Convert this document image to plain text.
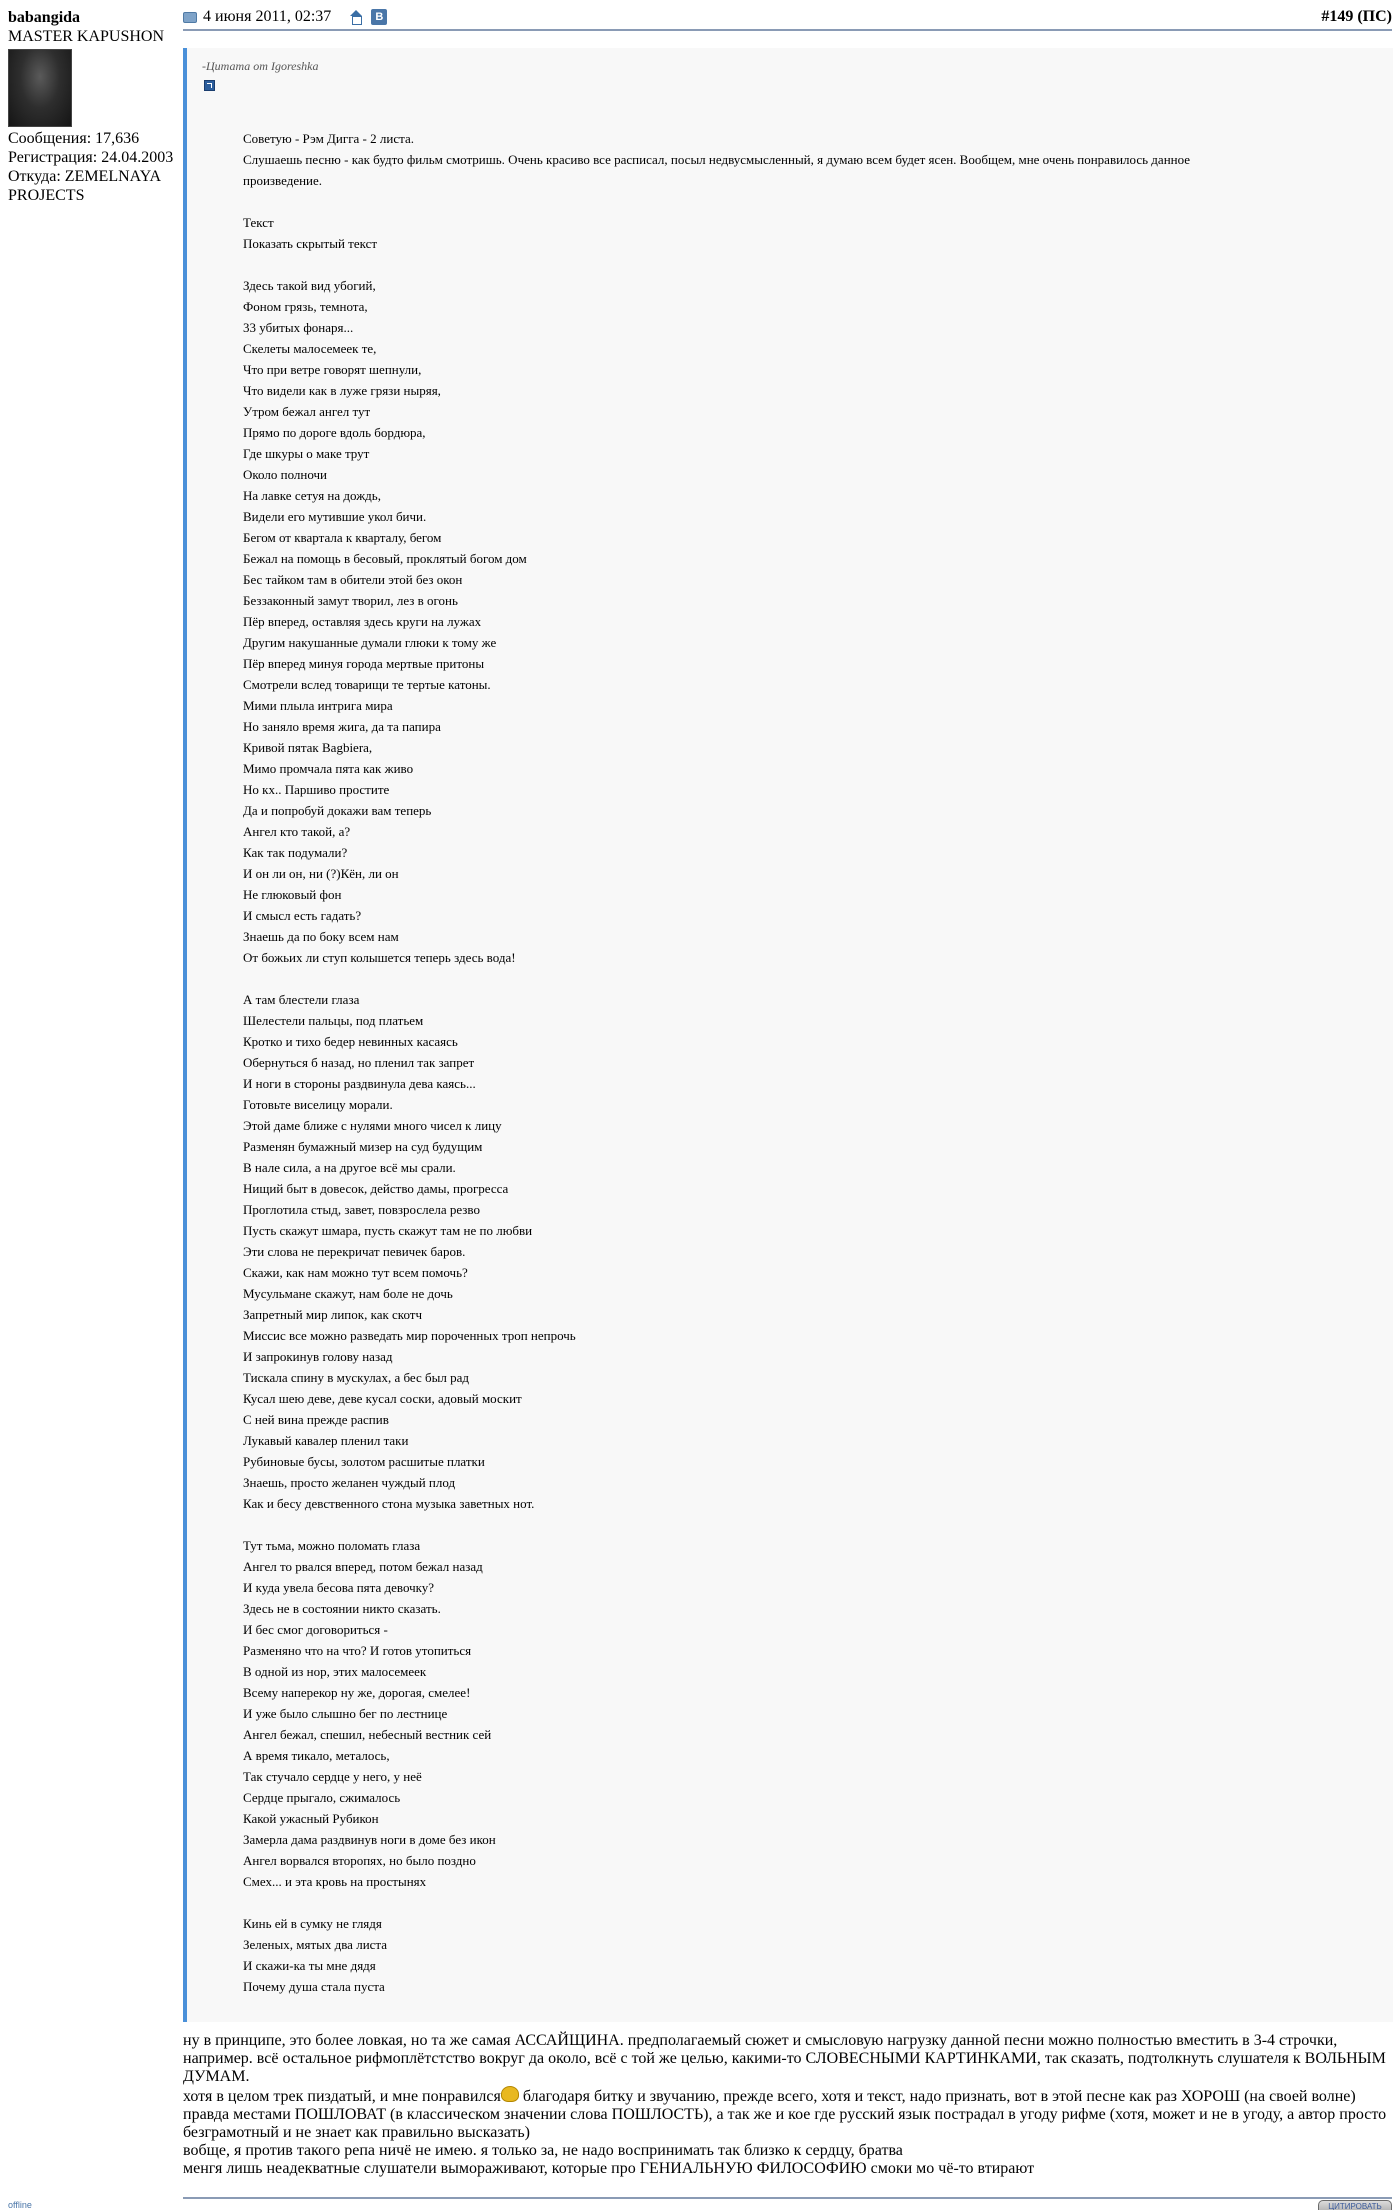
babangida
MASTER KAPUSHON
Сообщения: 17,636
Регистрация: 24.04.2003
Откуда: ZEMELNAYA PROJECTS
4 июня 2011, 02:37	В	#149 (ПС)
-Цитата от Igoreshka

Советую - Рэм Дигга - 2 листа.

Слушаешь песню - как будто фильм смотришь. Очень красиво все расписал, посыл недвусмысленный, я думаю всем будет ясен. Вообщем, мне очень понравилось данное

произведение.

Текст

Показать скрытый текст

Здесь такой вид убогий,

Фоном грязь, темнота,

33 убитых фонаря...

Скелеты малосемеек те,

Что при ветре говорят шепнули,

Что видели как в луже грязи ныряя,

Утром бежал ангел тут

Прямо по дороге вдоль бордюра,

Где шкуры о маке трут

Около полночи

На лавке сетуя на дождь,

Видели его мутившие укол бичи.

Бегом от квартала к кварталу, бегом

Бежал на помощь в бесовый, проклятый богом дом

Бес тайком там в обители этой без окон

Беззаконный замут творил, лез в огонь

Пёр вперед, оставляя здесь круги на лужах

Другим накушанные думали глюки к тому же

Пёр вперед минуя города мертвые притоны

Смотрели вслед товарищи те тертые катоны.

Мими плыла интрига мира

Но заняло время жига, да та папира

Кривой пятак Bagbiera,

Мимо промчала пята как живо

Но кх.. Паршиво простите

Да и попробуй докажи вам теперь

Ангел кто такой, а?

Как так подумали?

И он ли он, ни (?)Кён, ли он

Не глюковый фон

И смысл есть гадать?

Знаешь да по боку всем нам

От божьих ли ступ колышется теперь здесь вода!

А там блестели глаза

Шелестели пальцы, под платьем

Кротко и тихо бедер невинных касаясь

Обернуться б назад, но пленил так запрет

И ноги в стороны раздвинула дева каясь...

Готовьте виселицу морали.

Этой даме ближе с нулями много чисел к лицу

Разменян бумажный мизер на суд будущим

В нале сила, а на другое всё мы срали.

Нищий быт в довесок, действо дамы, прогресса

Проглотила стыд, завет, повзрослела резво

Пусть скажут шмара, пусть скажут там не по любви

Эти слова не перекричат певичек баров.

Скажи, как нам можно тут всем помочь?

Мусульмане скажут, нам боле не дочь

Запретный мир липок, как скотч

Миссис все можно разведать мир пороченных троп непрочь

И запрокинув голову назад

Тискала спину в мускулах, а бес был рад

Кусал шею деве, деве кусал соски, адовый москит

С ней вина прежде распив

Лукавый кавалер пленил таки

Рубиновые бусы, золотом расшитые платки

Знаешь, просто желанен чуждый плод

Как и бесу девственного стона музыка заветных нот.

Тут тьма, можно поломать глаза

Ангел то рвался вперед, потом бежал назад

И куда увела бесова пята девочку?

Здесь не в состоянии никто сказать.

И бес смог договориться -

Разменяно что на что? И готов утопиться

В одной из нор, этих малосемеек

Всему наперекор ну же, дорогая, смелее!

И уже было слышно бег по лестнице

Ангел бежал, спешил, небесный вестник сей

А время тикало, металось,

Так стучало сердце у него, у неё

Сердце прыгало, сжималось

Какой ужасный Рубикон

Замерла дама раздвинув ноги в доме без икон

Ангел ворвался второпях, но было поздно

Смех... и эта кровь на простынях

Кинь ей в сумку не глядя

Зеленых, мятых два листа

И скажи-ка ты мне дядя

Почему душа стала пуста

ну в принципе, это более ловкая, но та же самая АССАЙЩИНА. предполагаемый сюжет и смысловую нагрузку данной песни можно полностью вместить в 3-4 строчки, например. всё остальное рифмоплётстство вокруг да около, всё с той же целью, какими-то СЛОВЕСНЫМИ КАРТИНКАМИ, так сказать, подтолкнуть слушателя к ВОЛЬНЫМ ДУМАМ.

хотя в целом трек пиздатый, и мне понравился благодаря битку и звучанию, прежде всего, хотя и текст, надо признать, вот в этой песне как раз ХОРОШ (на своей волне) правда местами ПОШЛОВАТ (в классическом значении слова ПОШЛОСТЬ), а так же и кое где русский язык пострадал в угоду рифме (хотя, может и не в угоду, а автор просто безграмотный и не знает как правильно высказать)

вобще, я против такого репа ничё не имею. я только за, не надо воспринимать так близко к сердцу, братва

менгя лишь неадекватные слушатели вымораживают, которые про ГЕНИАЛЬНУЮ ФИЛОСОФИЮ смоки мо чё-то втирают

offline	ЦИТИРОВАТЬ
